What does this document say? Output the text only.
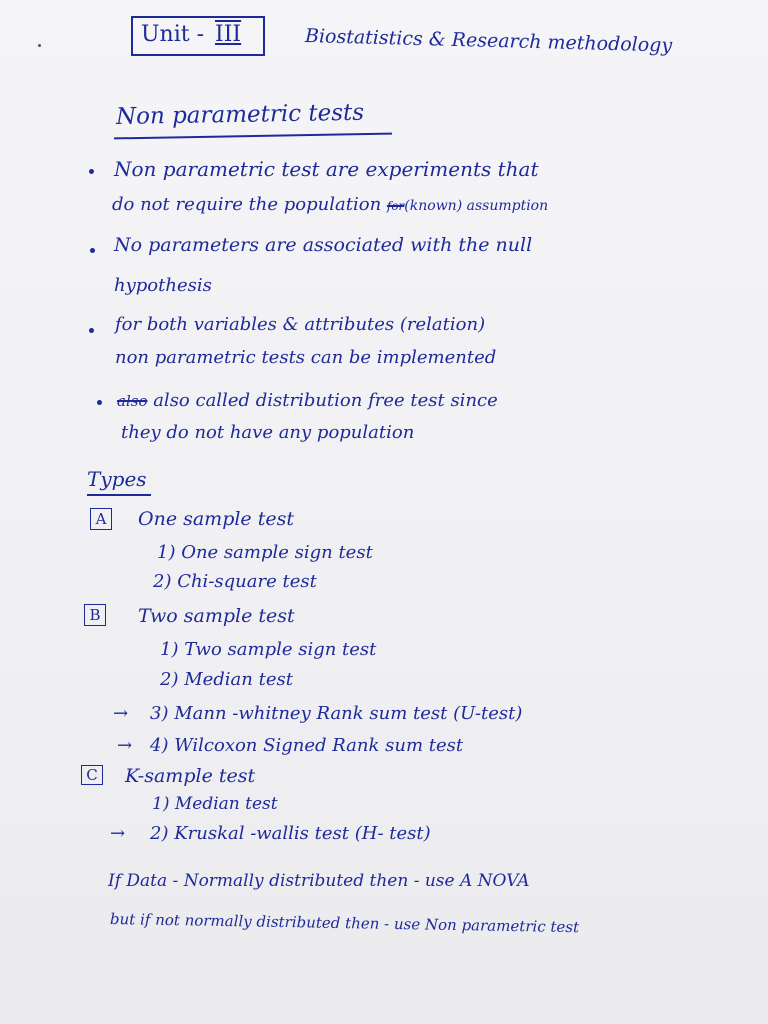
Unit - III	Biostatistics & Research methodology
Non parametric tests
Non parametric test are experiments that
do not require the population for(known) assumption
No parameters are associated with the null
hypothesis
for both variables & attributes (relation)
non parametric tests can be implemented
also also called distribution free test since
they do not have any population
Types
A One sample test
1) One sample sign test
2) Chi-square test
B Two sample test
1) Two sample sign test
2) Median test
→ 3) Mann -whitney Rank sum test (U-test)
→ 4) Wilcoxon Signed Rank sum test
C K-sample test
1) Median test
→ 2) Kruskal -wallis test (H- test)
If Data - Normally distributed then - use A NOVA
but if not normally distributed then - use Non parametric test
